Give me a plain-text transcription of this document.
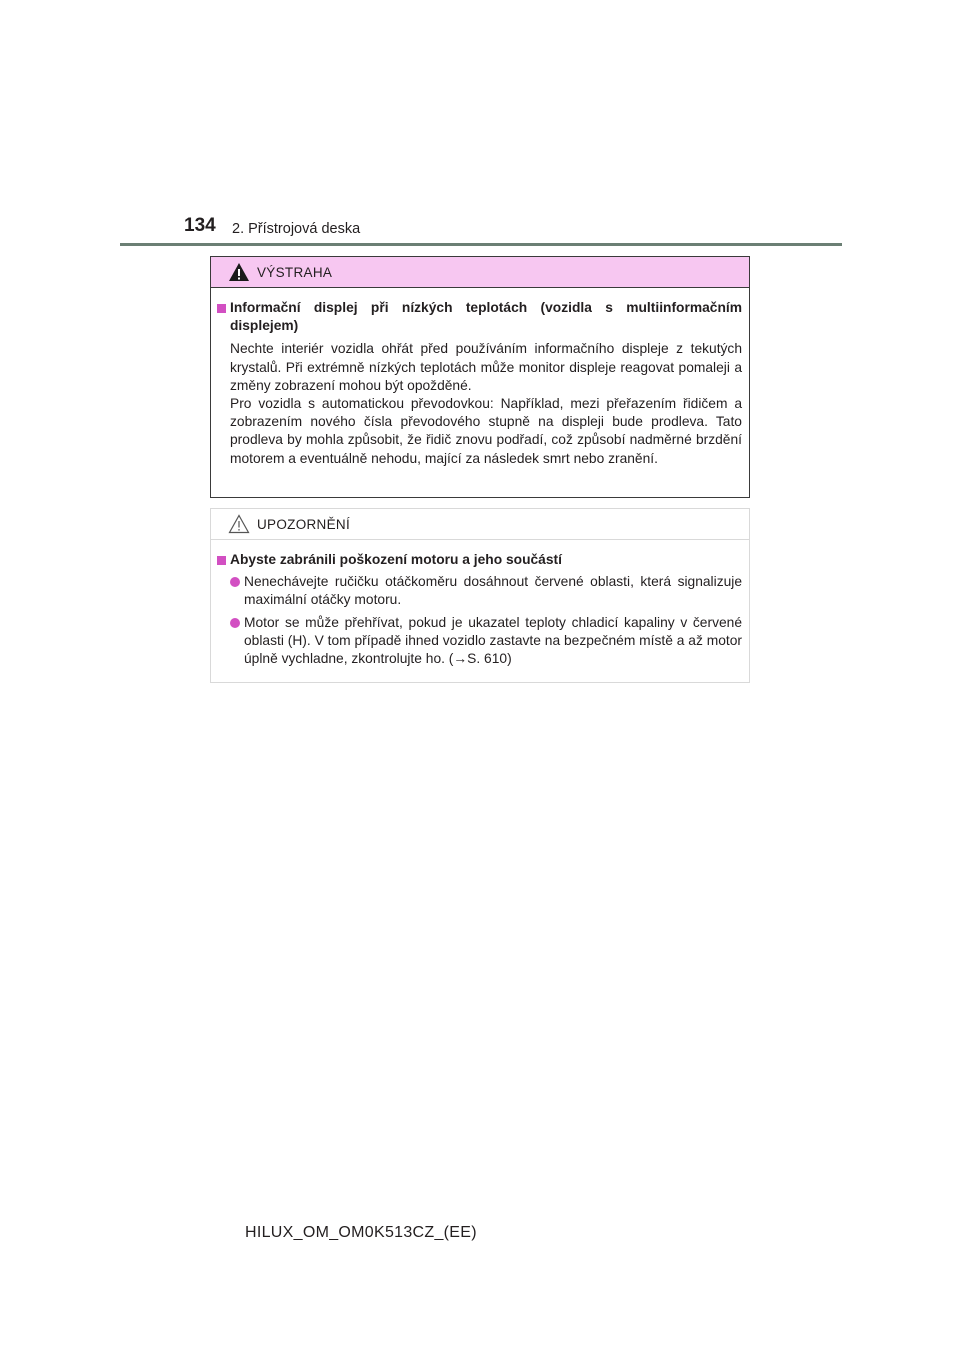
134 2. Přístrojová deska
VÝSTRAHA
Informační displej při nízkých teplotách (vozidla s multiinformačním displejem)

Nechte interiér vozidla ohřát před používáním informačního displeje z tekutých krystalů. Při extrémně nízkých teplotách může monitor displeje reagovat pomaleji a změny zobrazení mohou být opožděné.

Pro vozidla s automatickou převodovkou: Například, mezi přeřazením řidičem a zobrazením nového čísla převodového stupně na displeji bude prodleva. Tato prodleva by mohla způsobit, že řidič znovu podřadí, což způsobí nadměrné brzdění motorem a eventuálně nehodu, mající za následek smrt nebo zranění.

UPOZORNĚNÍ
Abyste zabránili poškození motoru a jeho součástí
Nenechávejte ručičku otáčkoměru dosáhnout červené oblasti, která signalizuje maximální otáčky motoru.
Motor se může přehřívat, pokud je ukazatel teploty chladicí kapaliny v červené oblasti (H). V tom případě ihned vozidlo zastavte na bezpečném místě a až motor úplně vychladne, zkontrolujte ho. (→S. 610)
HILUX_OM_OM0K513CZ_(EE)
